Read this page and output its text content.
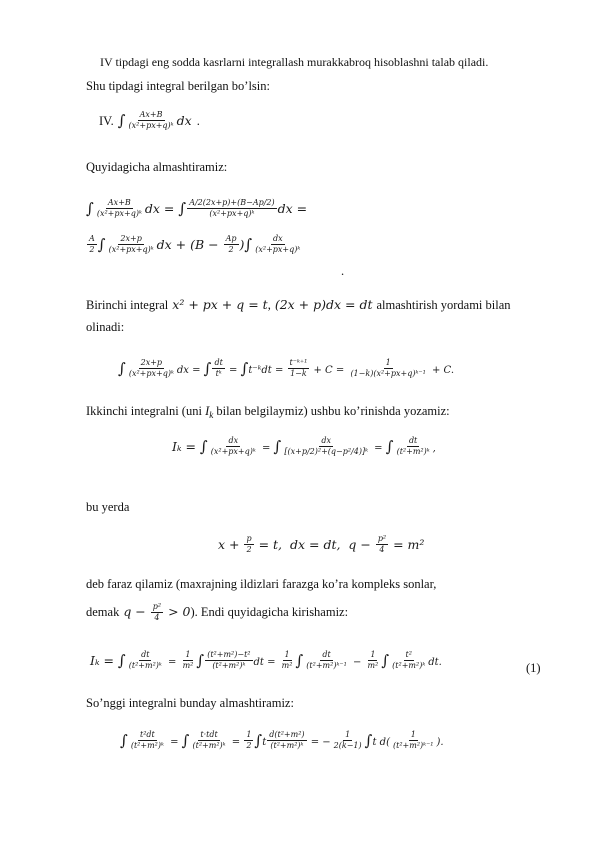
IV tipdagi eng sodda kasrlarni integrallash murakkabroq hisoblashni talab qiladi.
Shu tipdagi integral berilgan bo’lsin:
IV. ∫ $\frac{Ax+B}{\text{(x²+px+q)ᵏ}}$ dx .
Quyidagicha almashtiramiz:
∫ $\frac{Ax+B}{\text{(x²+px+q)ᵏ}}$ dx = ∫ $\frac{A/2(2x+p)+(B-Ap/2)}{\text{(x²+px+q)ᵏ}}$ dx =
$\frac{A}{2}$ ∫ $\frac{2x+p}{\text{(x²+px+q)ᵏ}}$ dx + ($B - \frac{Ap}{2}$ )∫ $\frac{dx}{\text{(x²+px+q)ᵏ}}$
.
Birinchi integral x² + px + q = t, (2x + p)dx = dt almashtirish yordami bilan
olinadi:
∫ $\frac{2x+p}{\text{(x²+px+q)ᵏ}}$ dx = ∫ $\frac{dt}{\text{tᵏ}}$ = ∫t⁻ᵏdt = $\frac{\text{t⁻ᵏ⁺¹}}{1-k} + C = \frac{1}{\text{(1−k)(x²+px+q)ᵏ⁻¹}} + C$.
Ikkinchi integralni (uni $I_k$ bilan belgilaymiz) ushbu ko’rinishda yozamiz:
Iₖ = ∫ $\frac{dx}{\text{(x²+px+q)ᵏ}}$ = ∫ $\frac{dx}{\text{[(x+p/2)²+(q−p²/4)]ᵏ}}$ = ∫ $\frac{dt}{\text{(t²+m²)ᵏ}}$ ,
bu yerda
$x + \frac{p}{2} = t$,  dx = dt,  $q - \frac{\text{p²}}{4} = m^2$
deb faraz qilamiz (maxrajning ildizlari farazga ko’ra kompleks sonlar,
demak $q - \frac{\text{p²}}{4} > 0$). Endi quyidagicha kirishamiz:
Iₖ = ∫ $\frac{dt}{\text{(t²+m²)ᵏ}} = \frac{1}{\text{m²}}$ ∫ $\frac{\text{(t²+m²)−t²}}{\text{(t²+m²)ᵏ}}$ dt = $\frac{1}{\text{m²}}$ ∫ $\frac{dt}{\text{(t²+m²)ᵏ⁻¹}} - \frac{1}{\text{m²}}$ ∫ $\frac{\text{t²}}{\text{(t²+m²)ᵏ}}$ dt.	(1)
So’nggi integralni bunday almashtiramiz:
∫ $\frac{\text{t²dt}}{\text{(t²+m²)ᵏ}}$ = ∫ $\frac{\text{t·tdt}}{\text{(t²+m²)ᵏ}} = \frac{1}{2} \int t \frac{\text{d(t²+m²)}}{\text{(t²+m²)ᵏ}}$ = − $\frac{1}{2(k-1)} \int t$ $d( \frac{1}{\text{(t²+m²)ᵏ⁻¹}}$ ).
